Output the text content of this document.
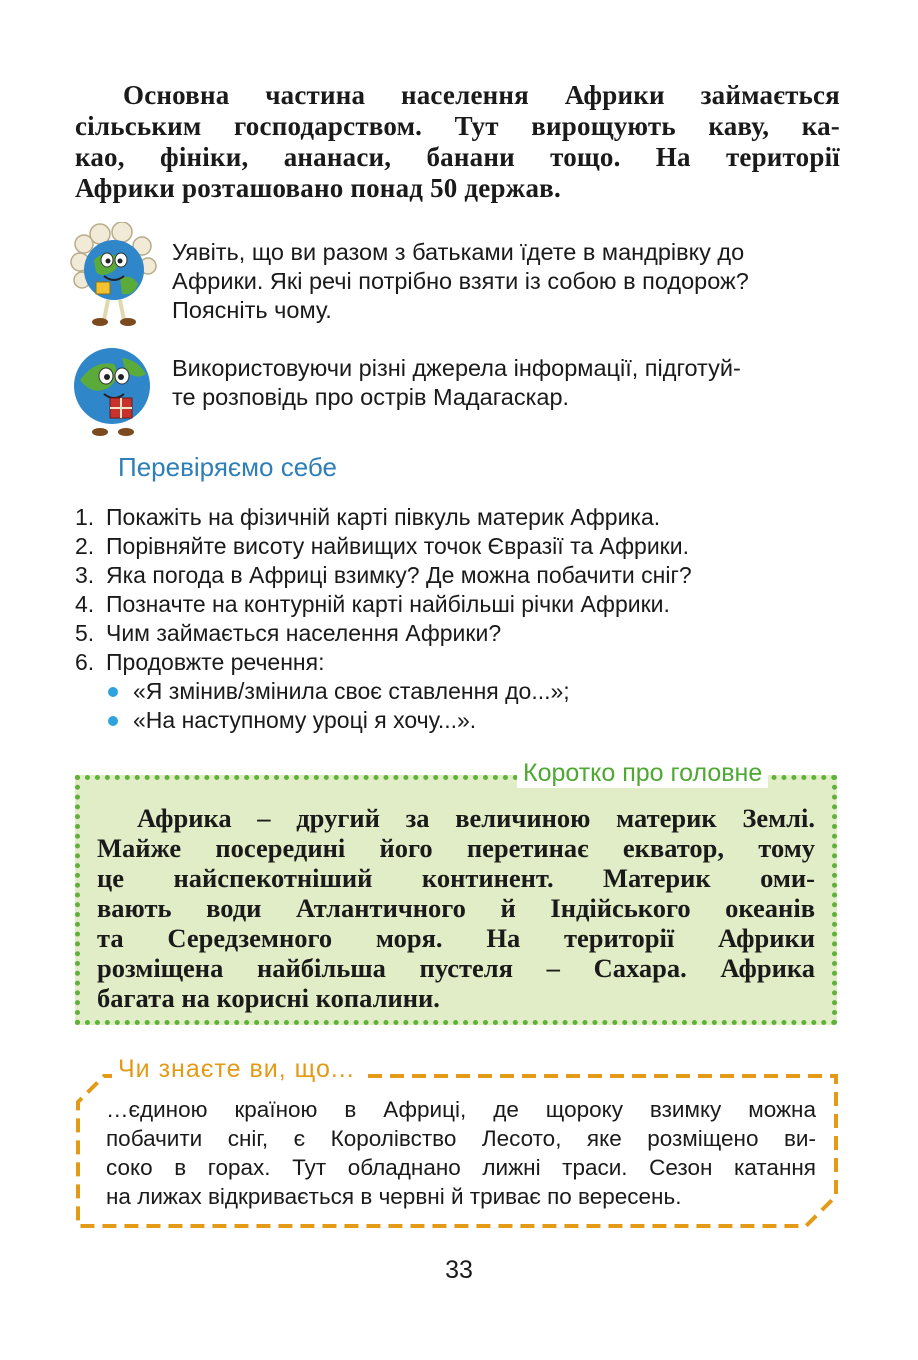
Основна частина населення Африки займається
сільським господарством. Тут вирощують каву, ка-
као, фініки, ананаси, банани тощо. На території
Африки розташовано понад 50 держав.
Уявіть, що ви разом з батьками їдете в мандрівку до
Африки. Які речі потрібно взяти із собою в подорож?
Поясніть чому.
Використовуючи різні джерела інформації, підготуй-
те розповідь про острів Мадагаскар.
Перевіряємо себе
1. Покажіть на фізичній карті півкуль материк Африка.
2. Порівняйте висоту найвищих точок Євразії та Африки.
3. Яка погода в Африці взимку? Де можна побачити сніг?
4. Позначте на контурній карті найбільші річки Африки.
5. Чим займається населення Африки?
6. Продовжте речення:
«Я змінив/змінила своє ставлення до...»;
«На наступному уроці я хочу...».
Коротко про головне
Африка – другий за величиною материк Землі.
Майже посередині його перетинає екватор, тому
це найспекотніший континент. Материк оми-
вають води Атлантичного й Індійського океанів
та Середземного моря. На території Африки
розміщена найбільша пустеля – Сахара. Африка
багата на корисні копалини.
Чи знаєте ви, що...
…єдиною країною в Африці, де щороку взимку можна
побачити сніг, є Королівство Лесото, яке розміщено ви-
соко в горах. Тут обладнано лижні траси. Сезон катання
на лижах відкривається в червні й триває по вересень.
33
